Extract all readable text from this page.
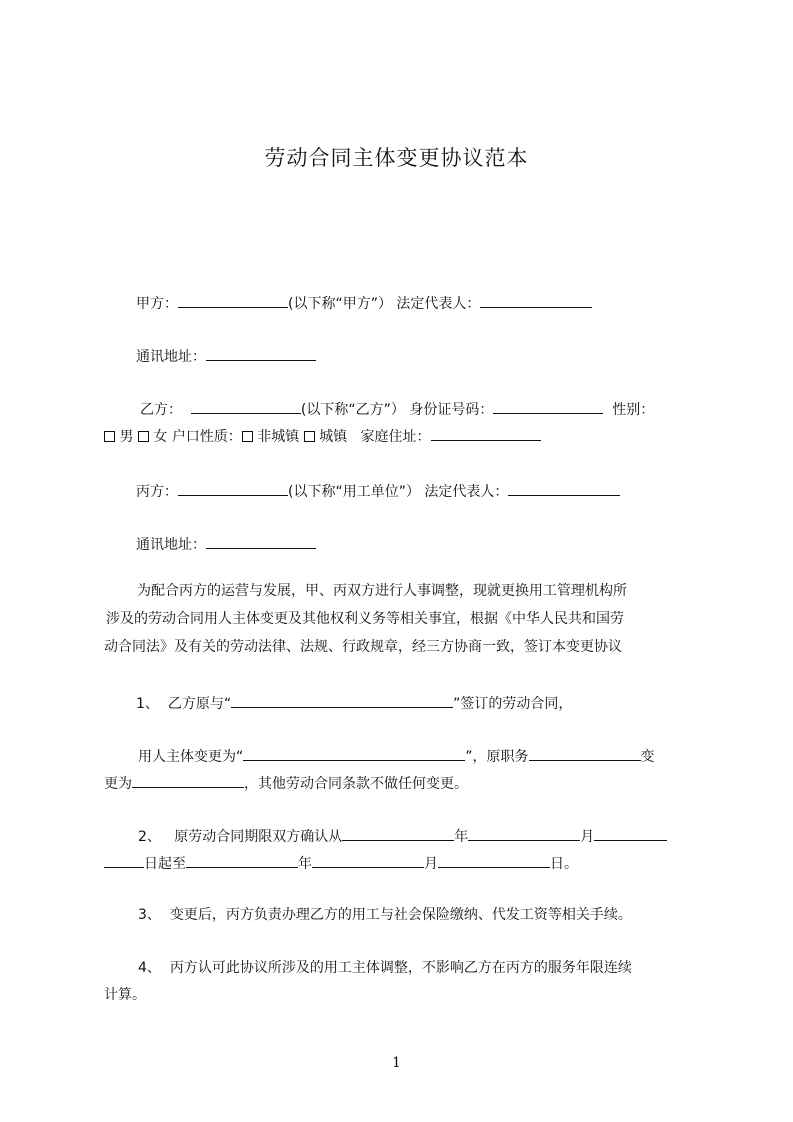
劳动合同主体变更协议范本
甲方：	(以下称“甲方”） 法定代表人：
通讯地址：
乙方：	(以下称“乙方”） 身份证号码：	性别：
男 女 户口性质： 非城镇 城镇 家庭住址：
丙方：	(以下称“用工单位”） 法定代表人：
通讯地址：
为配合丙方的运营与发展，甲、丙双方进行人事调整，现就更换用工管理机构所
涉及的劳动合同用人主体变更及其他权利义务等相关事宜，根据《中华人民共和国劳
动合同法》及有关的劳动法律、法规、行政规章，经三方协商一致，签订本变更协议
1、 乙方原与“	”签订的劳动合同，
用人主体变更为“	”，原职务	变
更为	，其他劳动合同条款不做任何变更。
2、 原劳动合同期限双方确认从	年	月
日起至	年	月	日。
3、 变更后，丙方负责办理乙方的用工与社会保险缴纳、代发工资等相关手续。
4、 丙方认可此协议所涉及的用工主体调整，不影响乙方在丙方的服务年限连续
计算。
1
